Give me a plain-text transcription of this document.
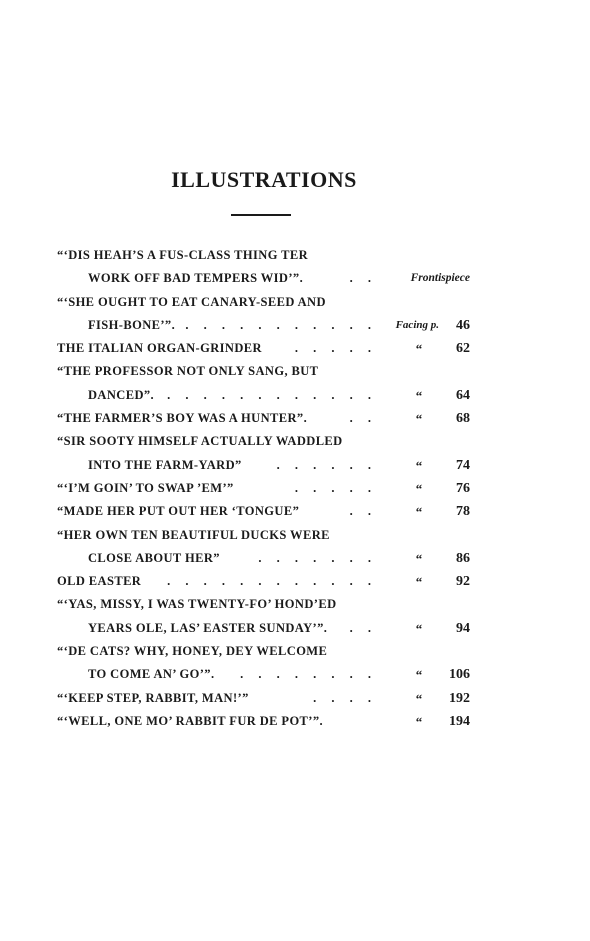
ILLUSTRATIONS
“‘DIS HEAH’S A FUS-CLASS THING TER
WORK OFF BAD TEMPERS WID’”.	. .	Frontispiece
“‘SHE OUGHT TO EAT CANARY-SEED AND
FISH-BONE’”. . . . . . . . . . . .	Facing p.	46
THE ITALIAN ORGAN-GRINDER	. . . . .	“	62
“THE PROFESSOR NOT ONLY SANG, BUT
DANCED”. . . . . . . . . . . . .	“	64
“THE FARMER’S BOY WAS A HUNTER”.	. .	“	68
“SIR SOOTY HIMSELF ACTUALLY WADDLED
INTO THE FARM-YARD”	. . . . . .	“	74
“‘I’M GOIN’ TO SWAP ’EM’”	. . . . .	“	76
“MADE HER PUT OUT HER ‘TONGUE”	. .	“	78
“HER OWN TEN BEAUTIFUL DUCKS WERE
CLOSE ABOUT HER”	. . . . . . .	“	86
OLD EASTER . . . . . . . . . . . .	“	92
“‘YAS, MISSY, I WAS TWENTY-FO’ HOND’ED
YEARS OLE, LAS’ EASTER SUNDAY’”. . .	“	94
“‘DE CATS? WHY, HONEY, DEY WELCOME
TO COME AN’ GO’”. . . . . . . . .	“	106
“‘KEEP STEP, RABBIT, MAN!’”	. . . .	“	192
“‘WELL, ONE MO’ RABBIT FUR DE POT’”.	“	194
